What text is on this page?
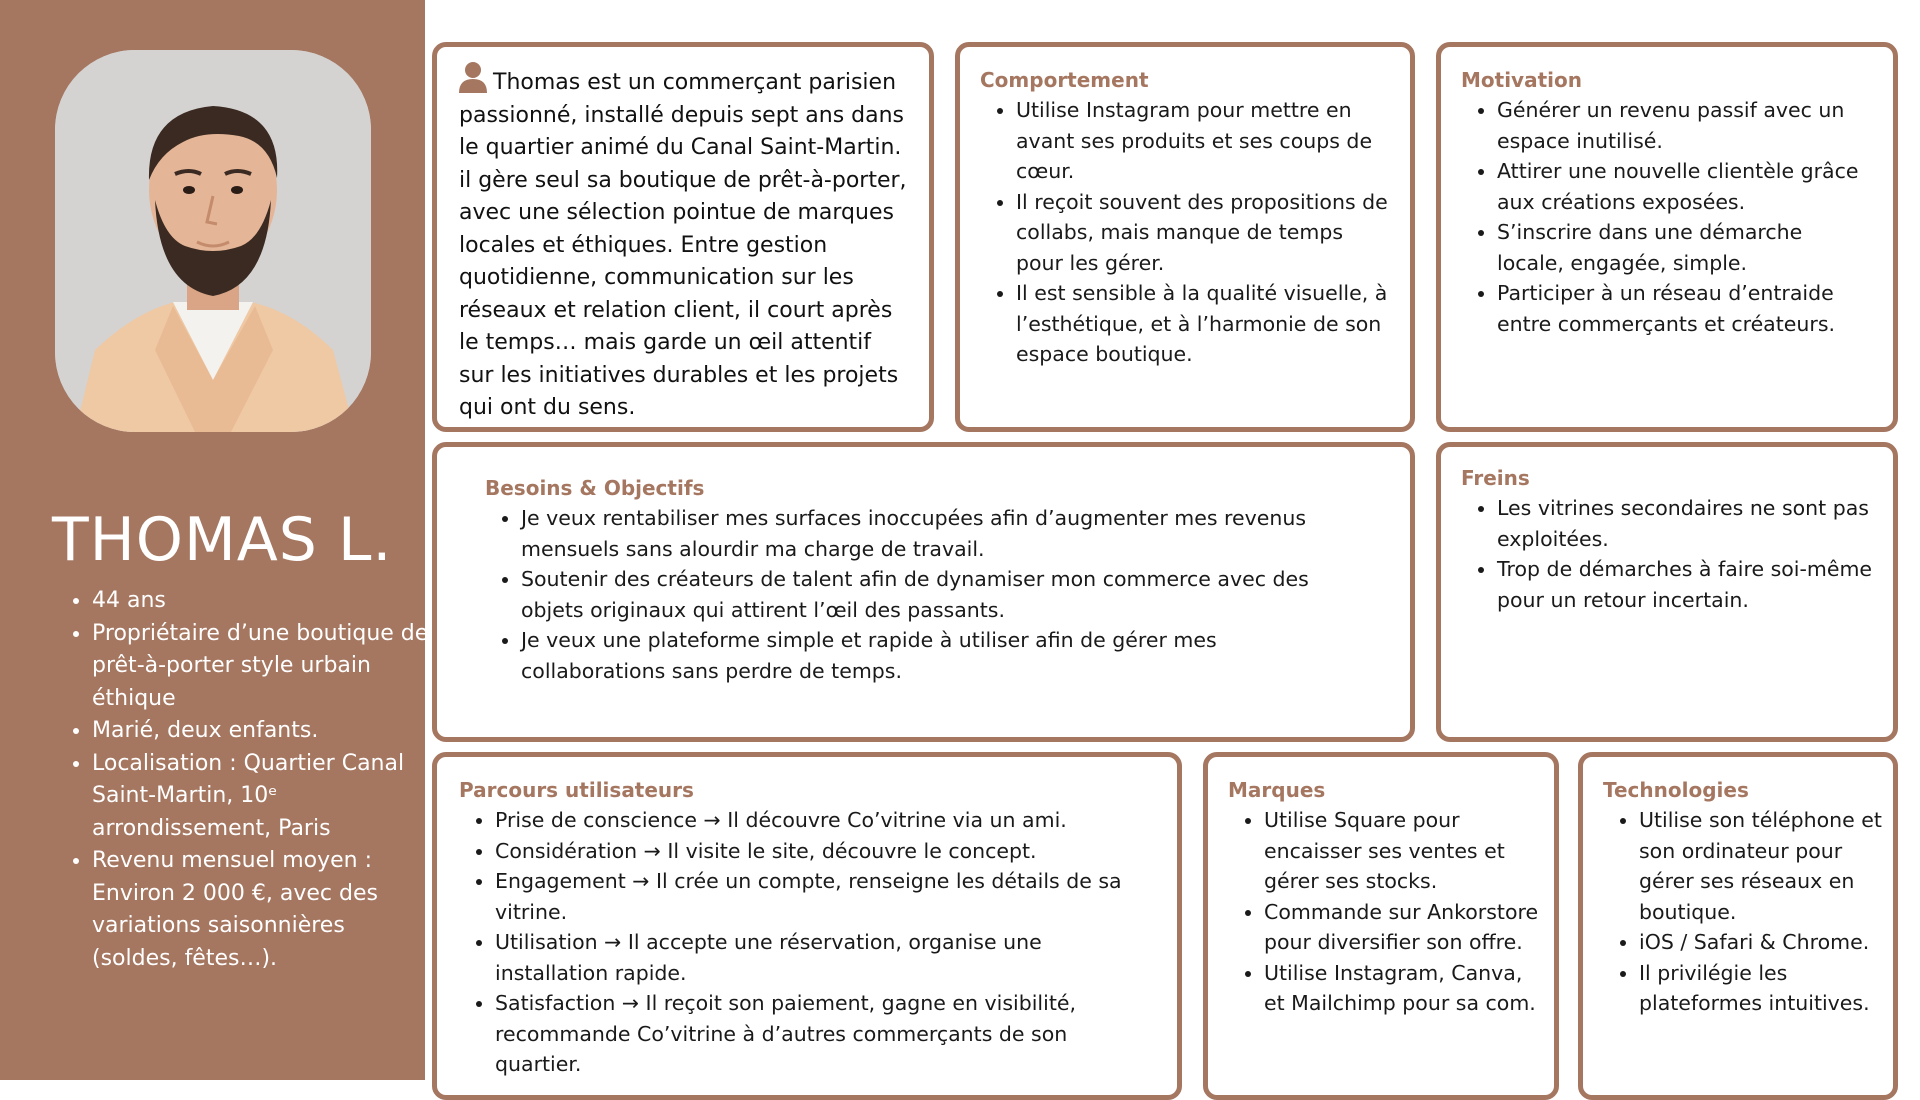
THOMAS L.
• 44 ans
• Propriétaire d’une boutique de prêt-à-porter style urbain éthique
• Marié, deux enfants.
• Localisation : Quartier Canal Saint-Martin, 10ᵉ arrondissement, Paris
• Revenu mensuel moyen : Environ 2 000 €, avec des variations saisonnières (soldes, fêtes…).

Thomas est un commerçant parisien passionné, installé depuis sept ans dans le quartier animé du Canal Saint-Martin. il gère seul sa boutique de prêt-à-porter, avec une sélection pointue de marques locales et éthiques. Entre gestion quotidienne, communication sur les réseaux et relation client, il court après le temps… mais garde un œil attentif sur les initiatives durables et les projets qui ont du sens.

Comportement
• Utilise Instagram pour mettre en avant ses produits et ses coups de cœur.
• Il reçoit souvent des propositions de collabs, mais manque de temps pour les gérer.
• Il est sensible à la qualité visuelle, à l’esthétique, et à l’harmonie de son espace boutique.
Motivation
• Générer un revenu passif avec un espace inutilisé.
• Attirer une nouvelle clientèle grâce aux créations exposées.
• S’inscrire dans une démarche locale, engagée, simple.
• Participer à un réseau d’entraide entre commerçants et créateurs.
Besoins & Objectifs
• Je veux rentabiliser mes surfaces inoccupées afin d’augmenter mes revenus mensuels sans alourdir ma charge de travail.
• Soutenir des créateurs de talent afin de dynamiser mon commerce avec des objets originaux qui attirent l’œil des passants.
• Je veux une plateforme simple et rapide à utiliser afin de gérer mes collaborations sans perdre de temps.
Freins
• Les vitrines secondaires ne sont pas exploitées.
• Trop de démarches à faire soi-même pour un retour incertain.
Parcours utilisateurs
• Prise de conscience → Il découvre Co’vitrine via un ami.
• Considération → Il visite le site, découvre le concept.
• Engagement → Il crée un compte, renseigne les détails de sa vitrine.
• Utilisation → Il accepte une réservation, organise une installation rapide.
• Satisfaction → Il reçoit son paiement, gagne en visibilité, recommande Co’vitrine à d’autres commerçants de son quartier.
Marques
• Utilise Square pour encaisser ses ventes et gérer ses stocks.
• Commande sur Ankorstore pour diversifier son offre.
• Utilise Instagram, Canva, et Mailchimp pour sa com.
Technologies
• Utilise son téléphone et son ordinateur pour gérer ses réseaux en boutique.
• iOS / Safari & Chrome.
• Il privilégie les plateformes intuitives.
